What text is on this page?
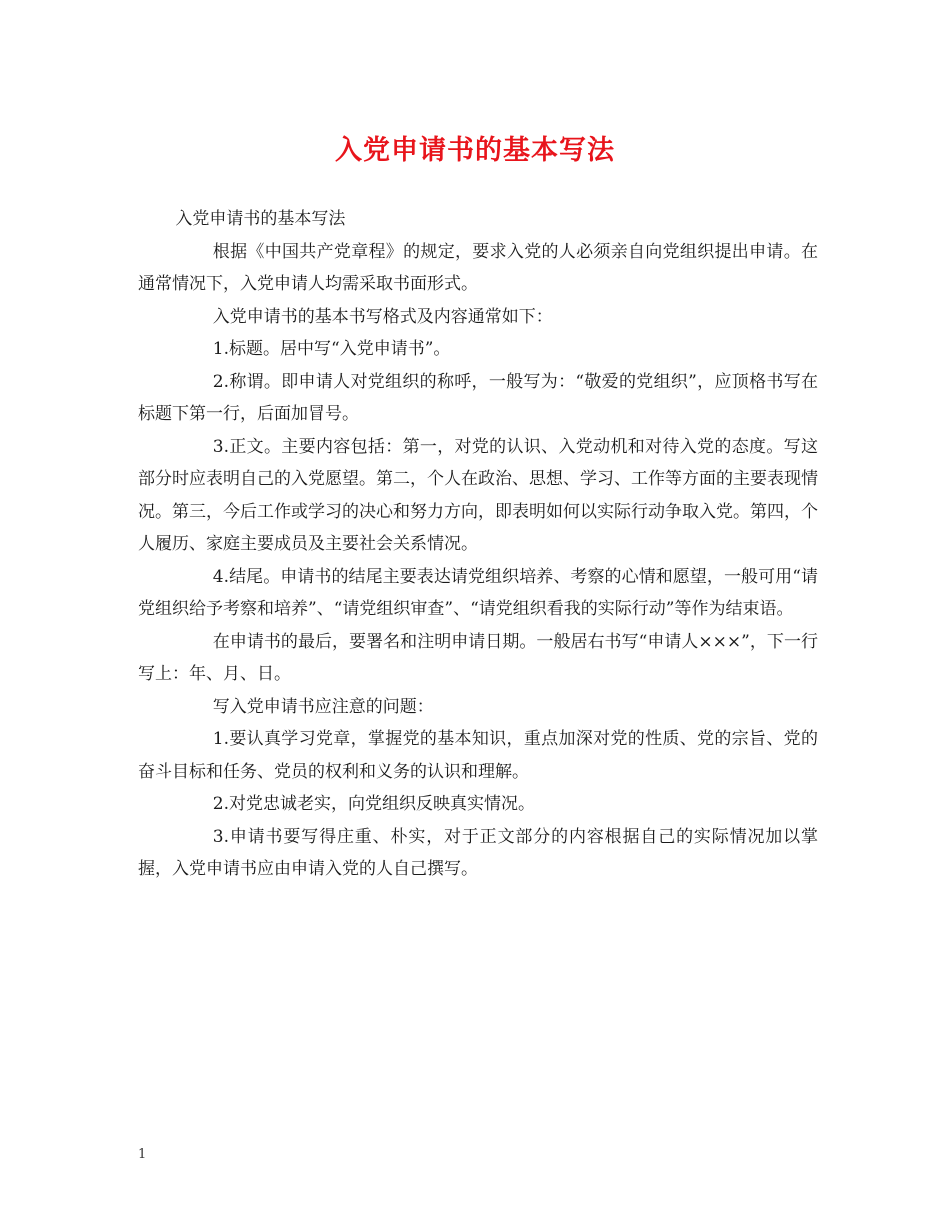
入党申请书的基本写法

入党申请书的基本写法

根据《中国共产党章程》的规定，要求入党的人必须亲自向党组织提出申请。在通常情况下，入党申请人均需采取书面形式。

入党申请书的基本书写格式及内容通常如下：

1.标题。居中写“入党申请书”。

2.称谓。即申请人对党组织的称呼，一般写为：“敬爱的党组织”，应顶格书写在标题下第一行，后面加冒号。

3.正文。主要内容包括：第一，对党的认识、入党动机和对待入党的态度。写这部分时应表明自己的入党愿望。第二，个人在政治、思想、学习、工作等方面的主要表现情况。第三，今后工作或学习的决心和努力方向，即表明如何以实际行动争取入党。第四，个人履历、家庭主要成员及主要社会关系情况。

4.结尾。申请书的结尾主要表达请党组织培养、考察的心情和愿望，一般可用“请党组织给予考察和培养”、“请党组织审查”、“请党组织看我的实际行动”等作为结束语。

在申请书的最后，要署名和注明申请日期。一般居右书写“申请人×××”，下一行写上：年、月、日。

写入党申请书应注意的问题：

1.要认真学习党章，掌握党的基本知识，重点加深对党的性质、党的宗旨、党的奋斗目标和任务、党员的权利和义务的认识和理解。

2.对党忠诚老实，向党组织反映真实情况。

3.申请书要写得庄重、朴实，对于正文部分的内容根据自己的实际情况加以掌握，入党申请书应由申请入党的人自己撰写。

1
